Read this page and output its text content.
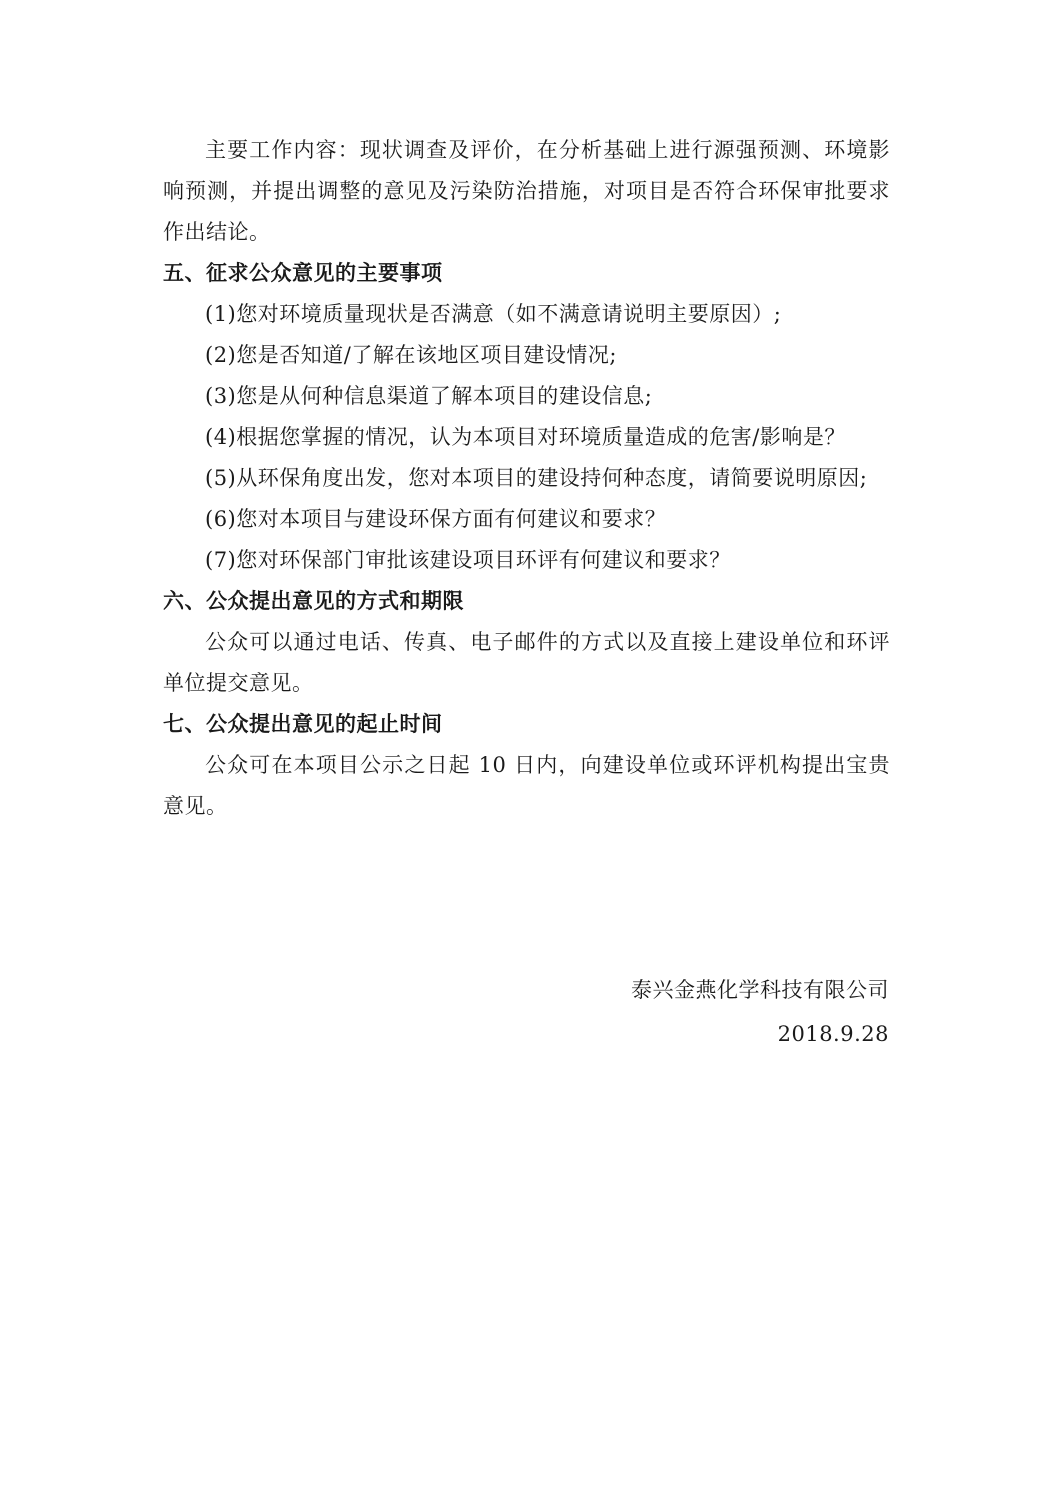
主要工作内容：现状调查及评价，在分析基础上进行源强预测、环境影响预测，并提出调整的意见及污染防治措施，对项目是否符合环保审批要求作出结论。

五、征求公众意见的主要事项

(1)您对环境质量现状是否满意（如不满意请说明主要原因）;

(2)您是否知道/了解在该地区项目建设情况;

(3)您是从何种信息渠道了解本项目的建设信息;

(4)根据您掌握的情况，认为本项目对环境质量造成的危害/影响是？

(5)从环保角度出发，您对本项目的建设持何种态度，请简要说明原因;

(6)您对本项目与建设环保方面有何建议和要求？

(7)您对环保部门审批该建设项目环评有何建议和要求？

六、公众提出意见的方式和期限

公众可以通过电话、传真、电子邮件的方式以及直接上建设单位和环评单位提交意见。

七、公众提出意见的起止时间

公众可在本项目公示之日起 10 日内，向建设单位或环评机构提出宝贵意见。

泰兴金燕化学科技有限公司

2018.9.28
